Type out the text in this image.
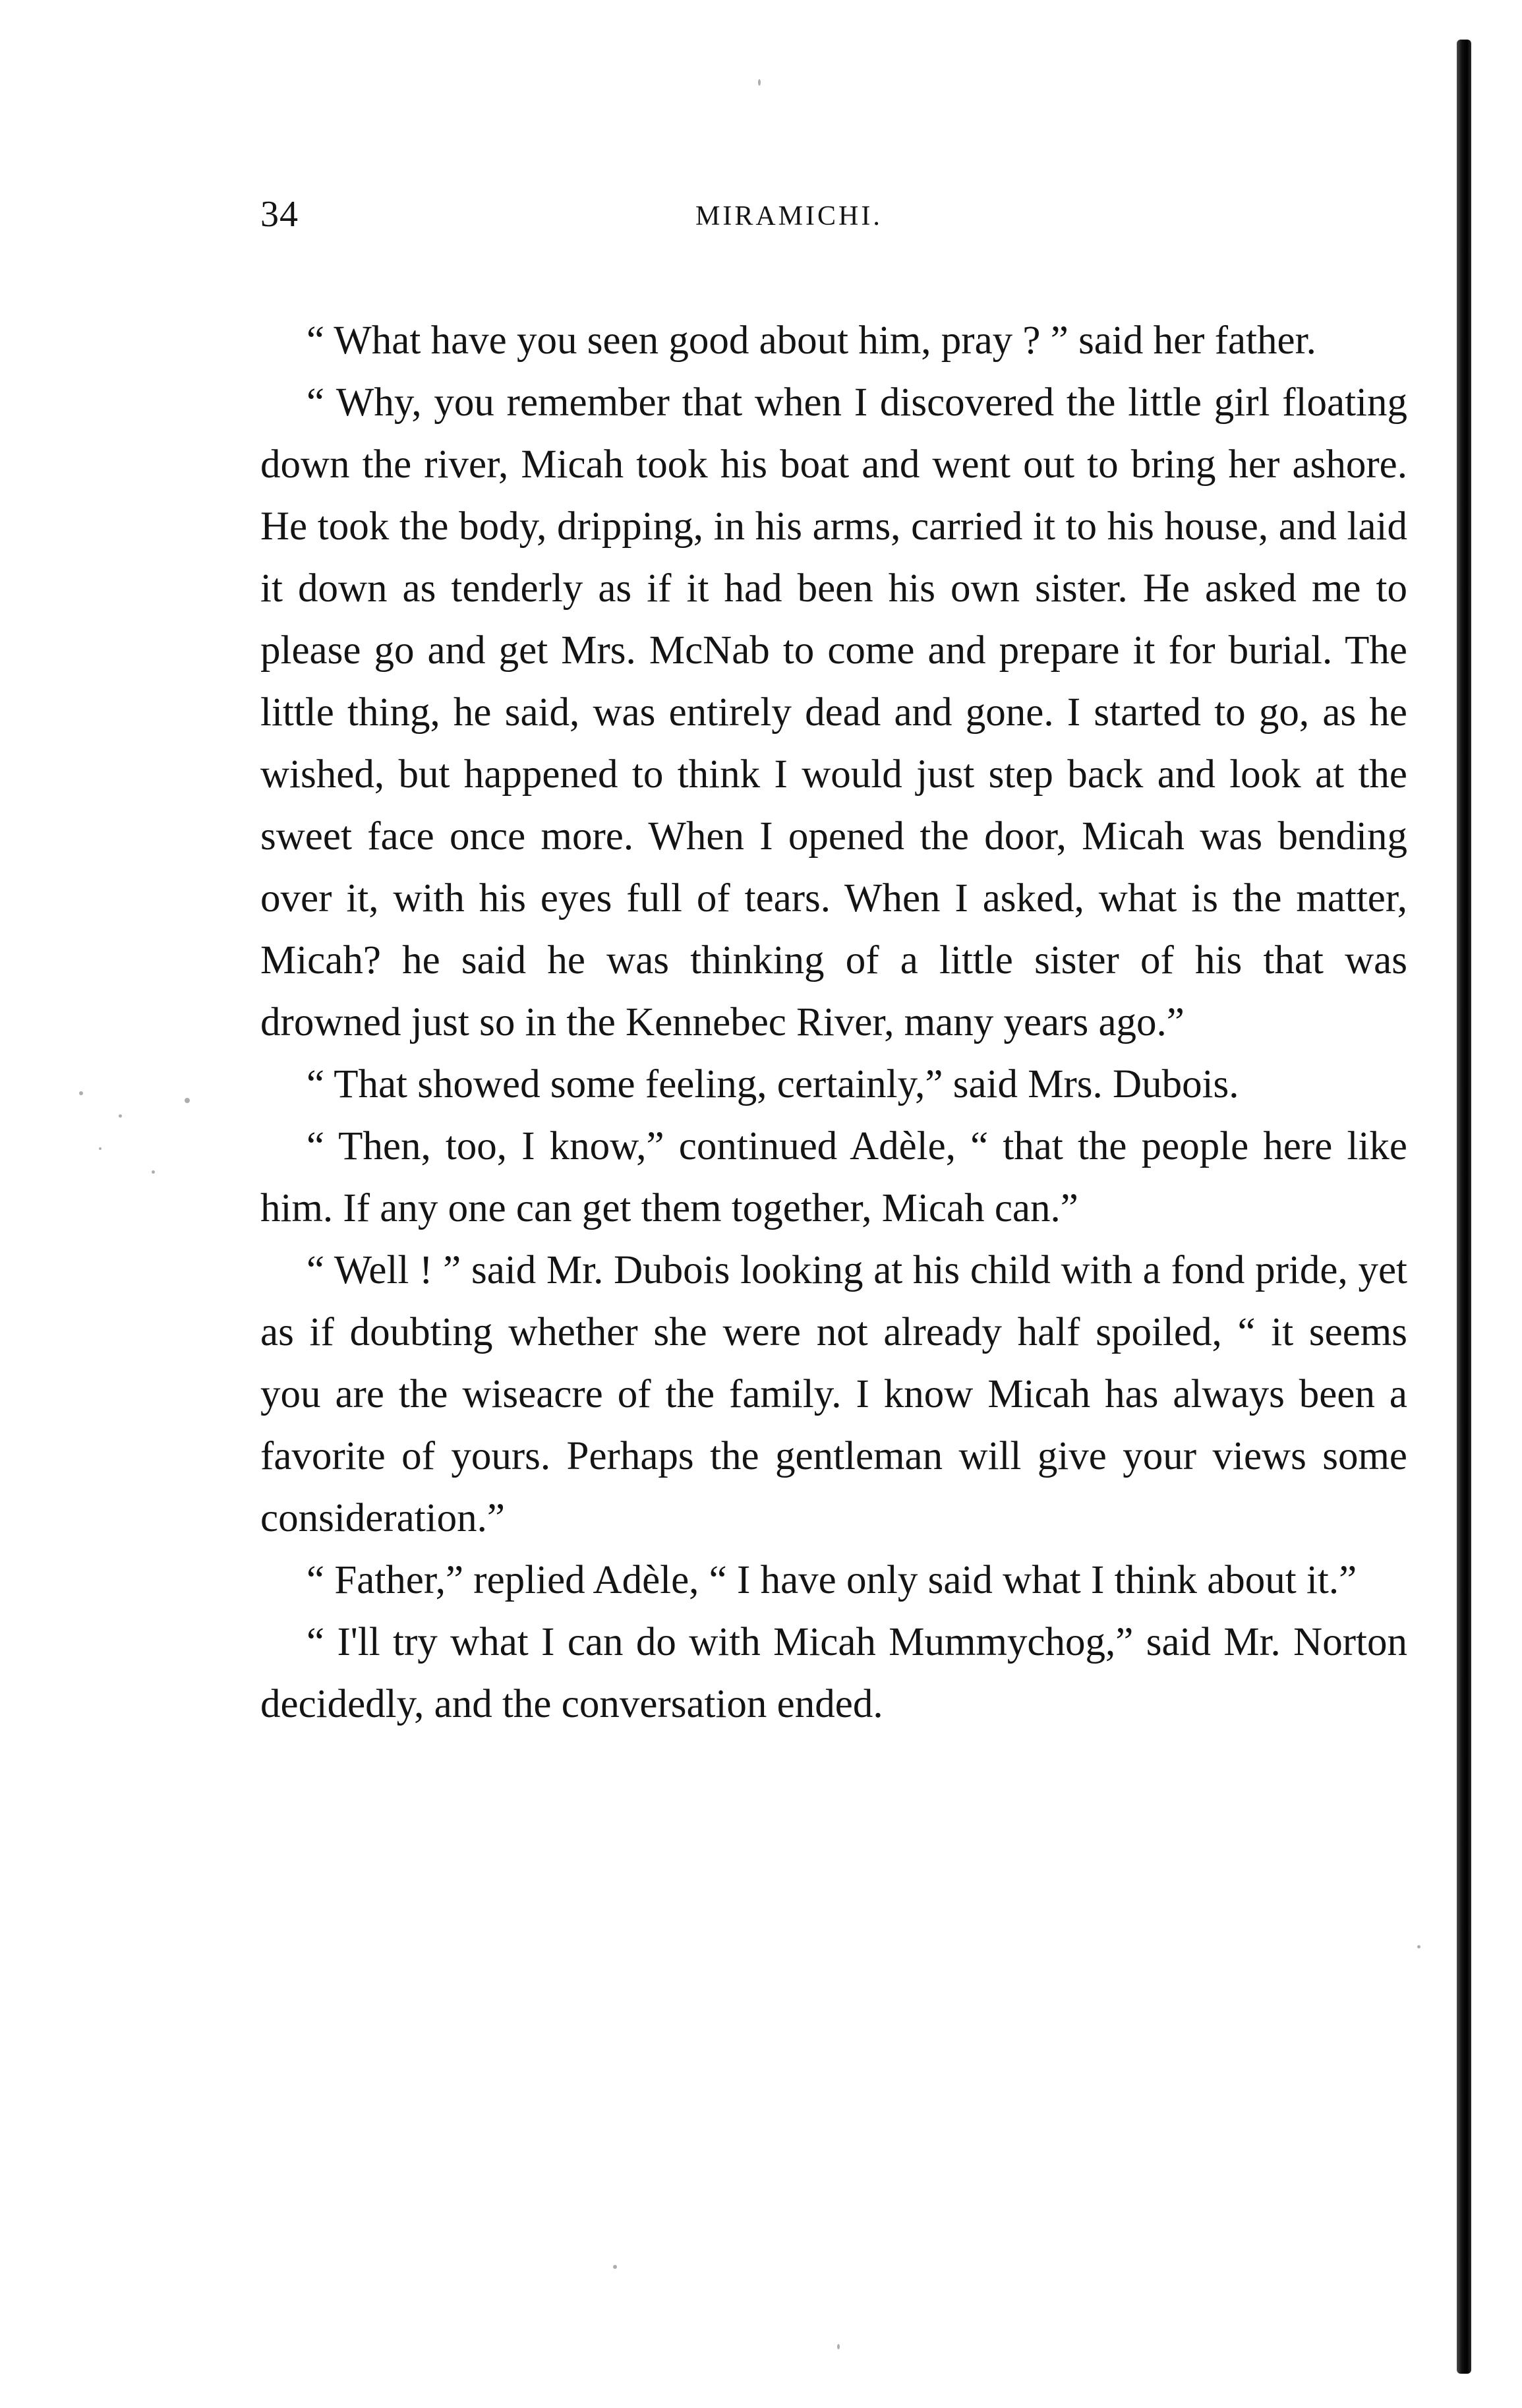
34	MIRAMICHI.

“ What have you seen good about him, pray ? ” said her father.

“ Why, you remember that when I discovered the little girl floating down the river, Micah took his boat and went out to bring her ashore. He took the body, dripping, in his arms, carried it to his house, and laid it down as tenderly as if it had been his own sister. He asked me to please go and get Mrs. McNab to come and prepare it for burial. The little thing, he said, was entirely dead and gone. I started to go, as he wished, but happened to think I would just step back and look at the sweet face once more. When I opened the door, Micah was bending over it, with his eyes full of tears. When I asked, what is the matter, Micah? he said he was thinking of a little sister of his that was drowned just so in the Kennebec River, many years ago.”

“ That showed some feeling, certainly,” said Mrs. Dubois.

“ Then, too, I know,” continued Adèle, “ that the people here like him. If any one can get them together, Micah can.”

“ Well ! ” said Mr. Dubois looking at his child with a fond pride, yet as if doubting whether she were not already half spoiled, “ it seems you are the wiseacre of the family. I know Micah has always been a favorite of yours. Perhaps the gentleman will give your views some consideration.”

“ Father,” replied Adèle, “ I have only said what I think about it.”

“ I'll try what I can do with Micah Mummychog,” said Mr. Norton decidedly, and the conversation ended.
